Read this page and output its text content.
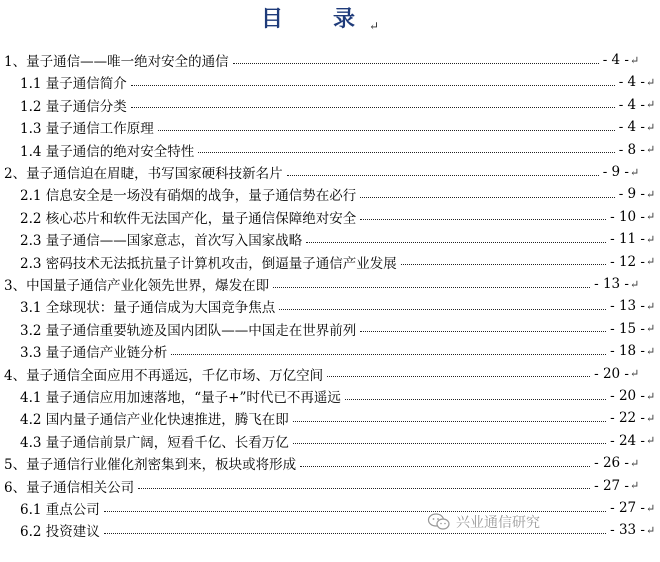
目　录↵
1、量子通信——唯一绝对安全的通信	- 4 - ↵
1.1 量子通信简介	- 4 - ↵
1.2 量子通信分类	- 4 - ↵
1.3 量子通信工作原理	- 4 - ↵
1.4 量子通信的绝对安全特性	- 8 - ↵
2、量子通信迫在眉睫，书写国家硬科技新名片	- 9 - ↵
2.1 信息安全是一场没有硝烟的战争，量子通信势在必行	- 9 - ↵
2.2 核心芯片和软件无法国产化，量子通信保障绝对安全	- 10 - ↵
2.3 量子通信——国家意志，首次写入国家战略	- 11 - ↵
2.3 密码技术无法抵抗量子计算机攻击，倒逼量子通信产业发展	- 12 - ↵
3、中国量子通信产业化领先世界，爆发在即	- 13 - ↵
3.1 全球现状：量子通信成为大国竞争焦点	- 13 - ↵
3.2 量子通信重要轨迹及国内团队——中国走在世界前列	- 15 - ↵
3.3 量子通信产业链分析	- 18 - ↵
4、量子通信全面应用不再遥远，千亿市场、万亿空间	- 20 - ↵
4.1 量子通信应用加速落地，“量子+”时代已不再遥远	- 20 - ↵
4.2 国内量子通信产业化快速推进，腾飞在即	- 22 - ↵
4.3 量子通信前景广阔，短看千亿、长看万亿	- 24 - ↵
5、量子通信行业催化剂密集到来，板块或将形成	- 26 - ↵
6、量子通信相关公司	- 27 - ↵
6.1 重点公司	- 27 - ↵
6.2 投资建议	- 33 - ↵
兴业通信研究
